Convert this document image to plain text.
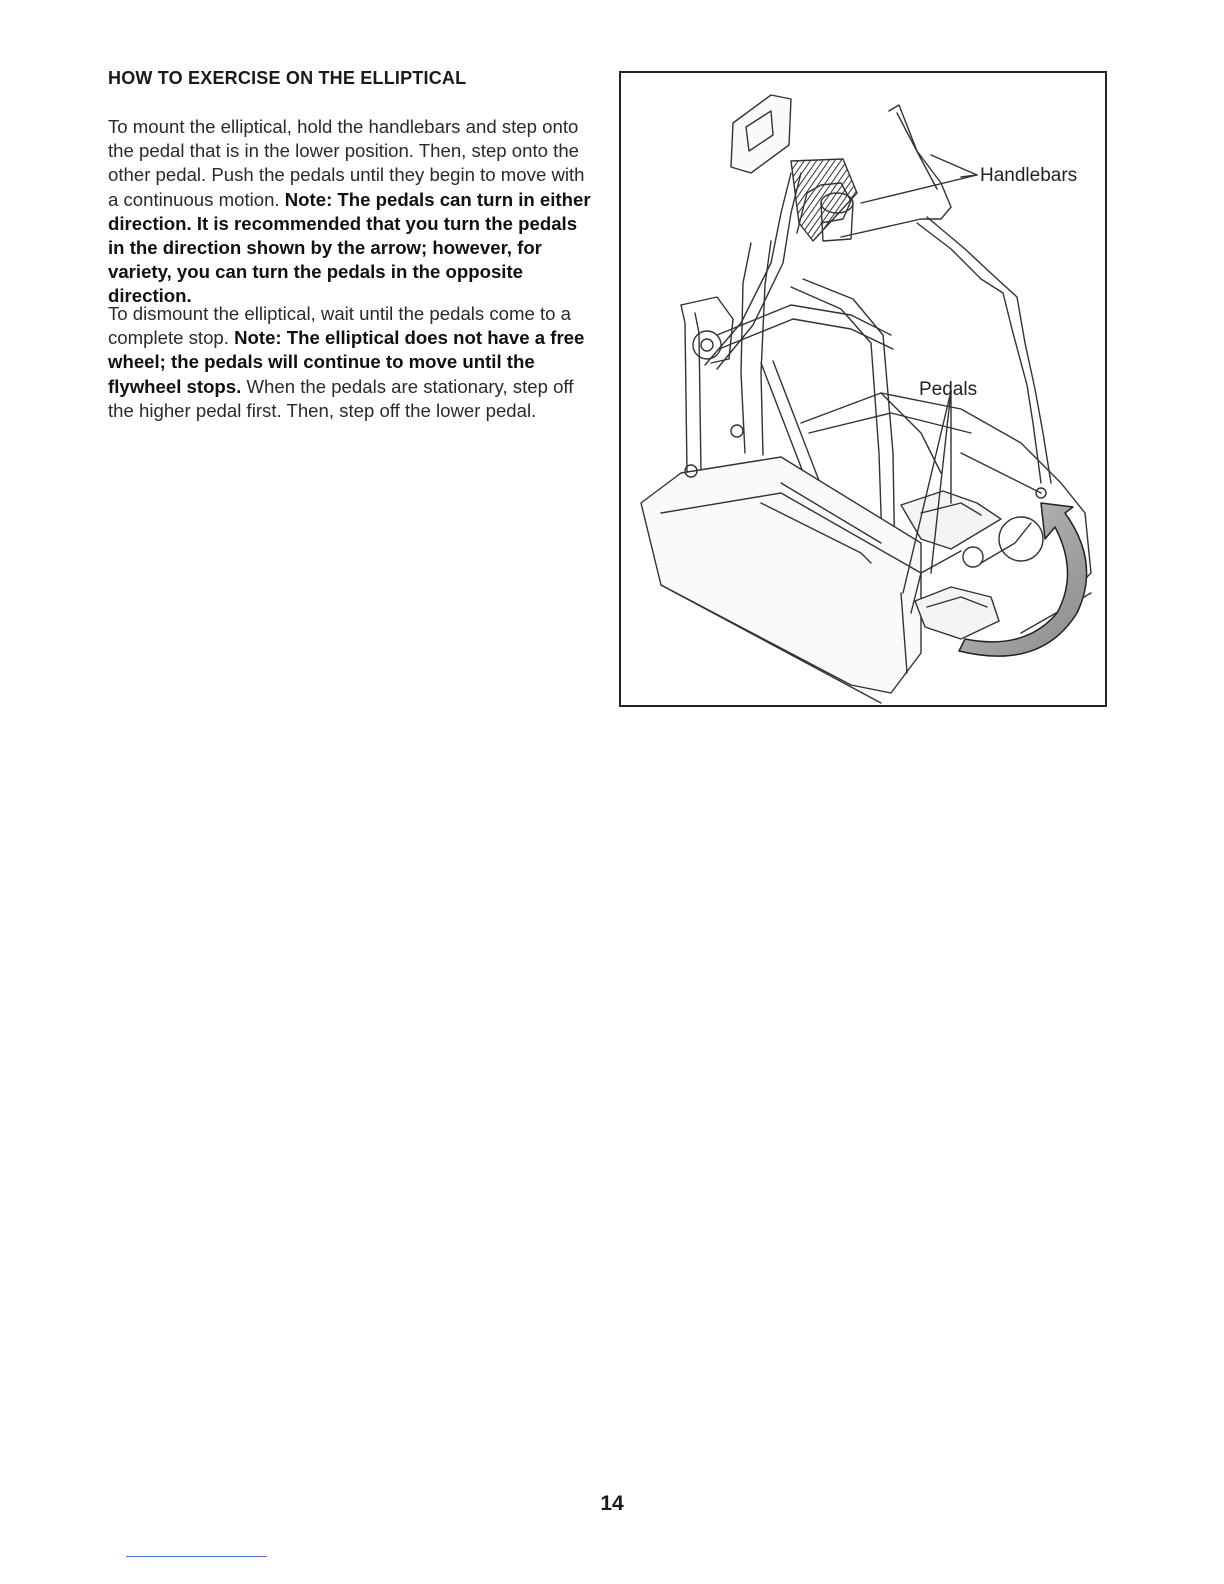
HOW TO EXERCISE ON THE ELLIPTICAL

To mount the elliptical, hold the handlebars and step onto the pedal that is in the lower position. Then, step onto the other pedal. Push the pedals until they begin to move with a continuous motion. Note: The pedals can turn in either direction. It is recommended that you turn the pedals in the direction shown by the arrow; however, for variety, you can turn the pedals in the opposite direction.

To dismount the elliptical, wait until the pedals come to a complete stop. Note: The elliptical does not have a free wheel; the pedals will continue to move until the flywheel stops. When the pedals are stationary, step off the higher pedal first. Then, step off the lower pedal.

Handlebars
Pedals

14
